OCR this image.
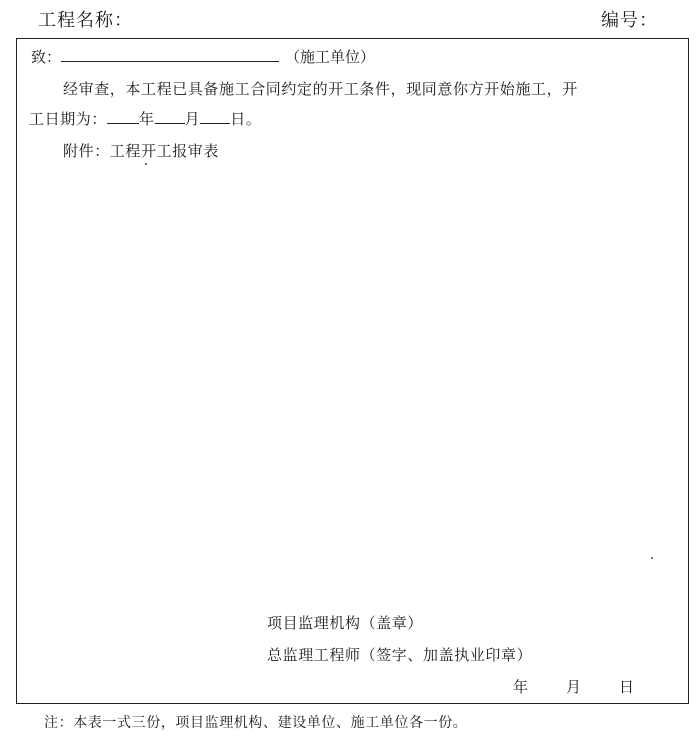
工程名称：	编号：
致：	（施工单位）
经审查，本工程已具备施工合同约定的开工条件，现同意你方开始施工，开
工日期为： 年 月 日。
附件：工程开工报审表
项目监理机构（盖章）
总监理工程师（签字、加盖执业印章）
年	月	日
注：本表一式三份，项目监理机构、建设单位、施工单位各一份。
